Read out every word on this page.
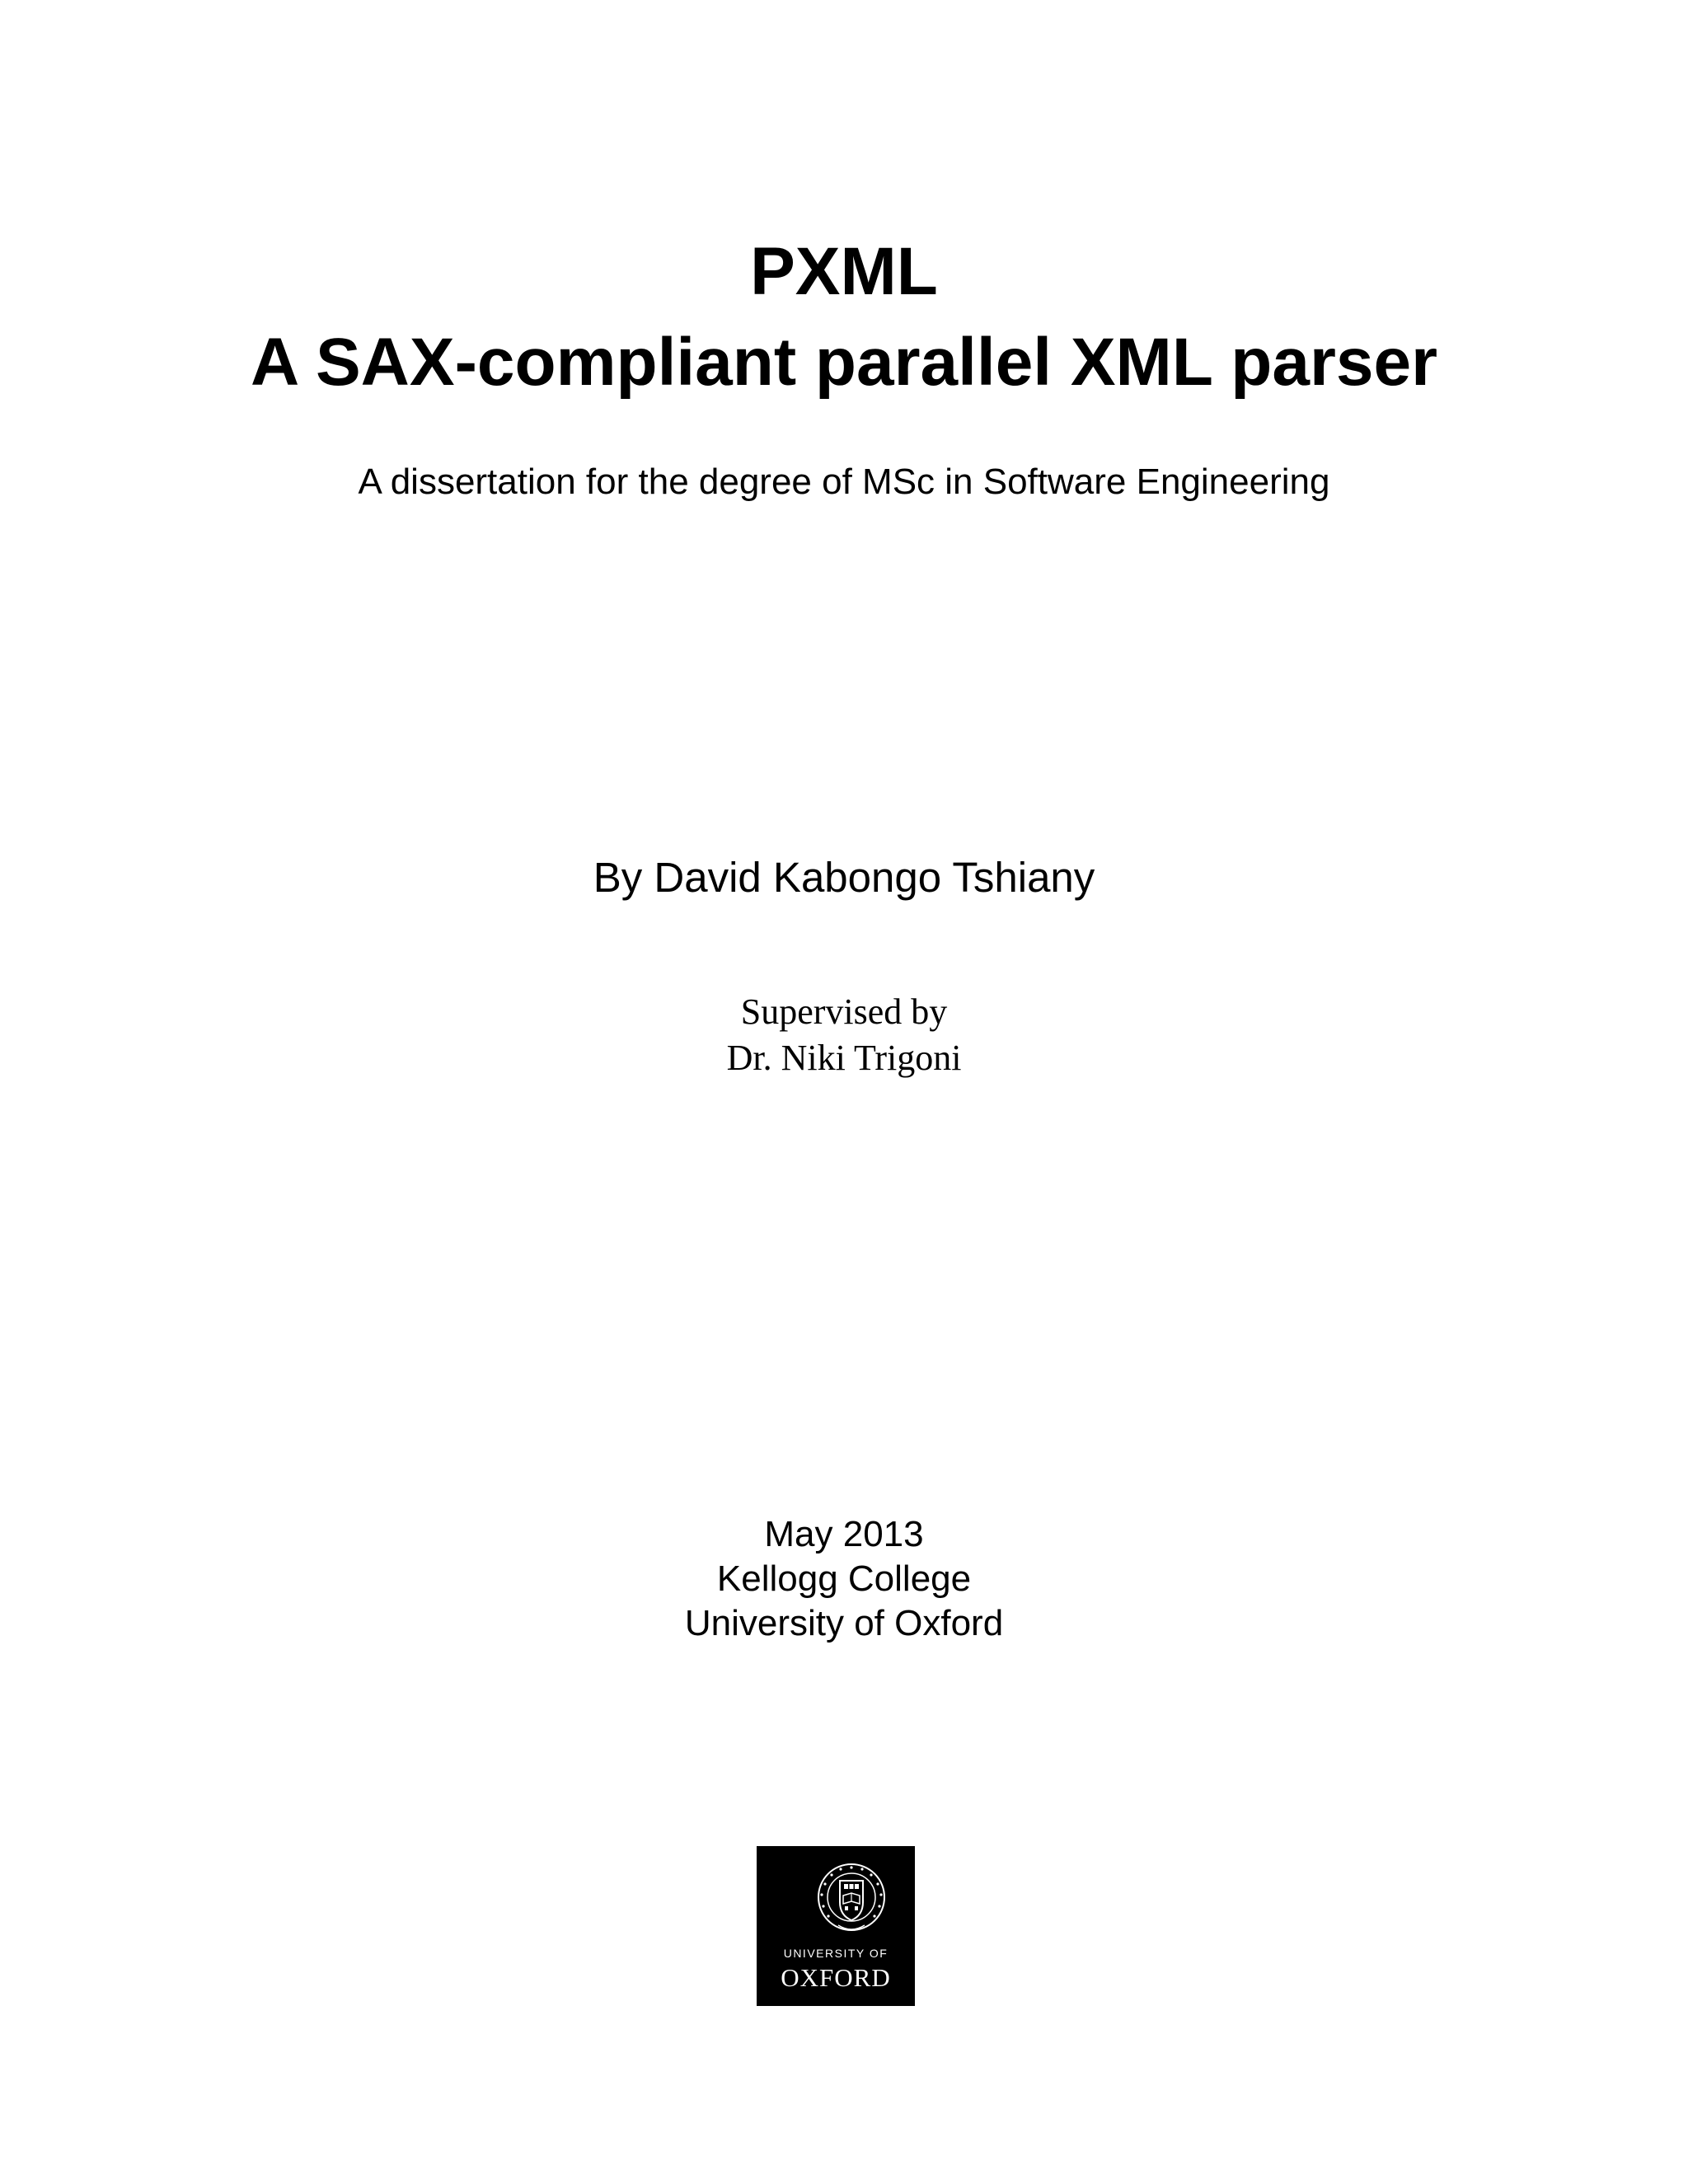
PXML
A SAX-compliant parallel XML parser
A dissertation for the degree of MSc in Software Engineering
By David Kabongo Tshiany
Supervised by
Dr. Niki Trigoni
May 2013
Kellogg College
University of Oxford
UNIVERSITY OF
OXFORD
